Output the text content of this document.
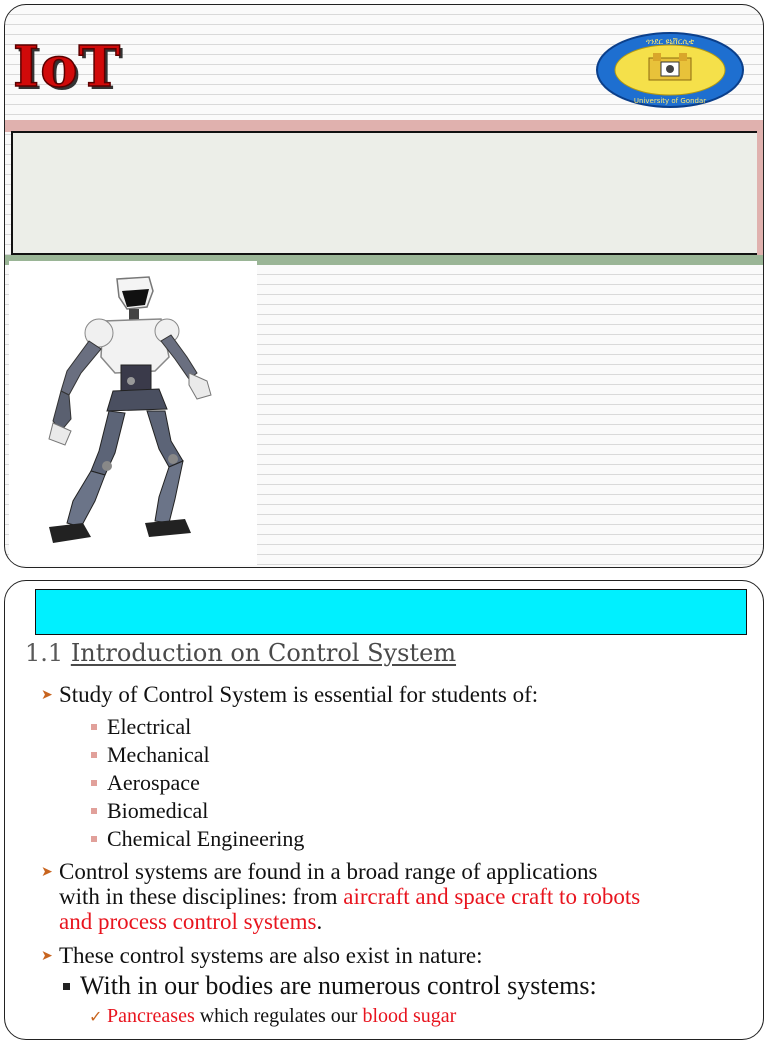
IoT	ጎንደር ዩኒቨርሲቲ
University of Gondar
1.1 Introduction on Control System
➤ Study of Control System is essential for students of:
Electrical
Mechanical
Aerospace
Biomedical
Chemical Engineering
➤ Control systems are found in a broad range of applications
with in these disciplines: from aircraft and space craft to robots
and process control systems.
➤ These control systems are also exist in nature:
With in our bodies are numerous control systems:
✓ Pancreases which regulates our blood sugar
